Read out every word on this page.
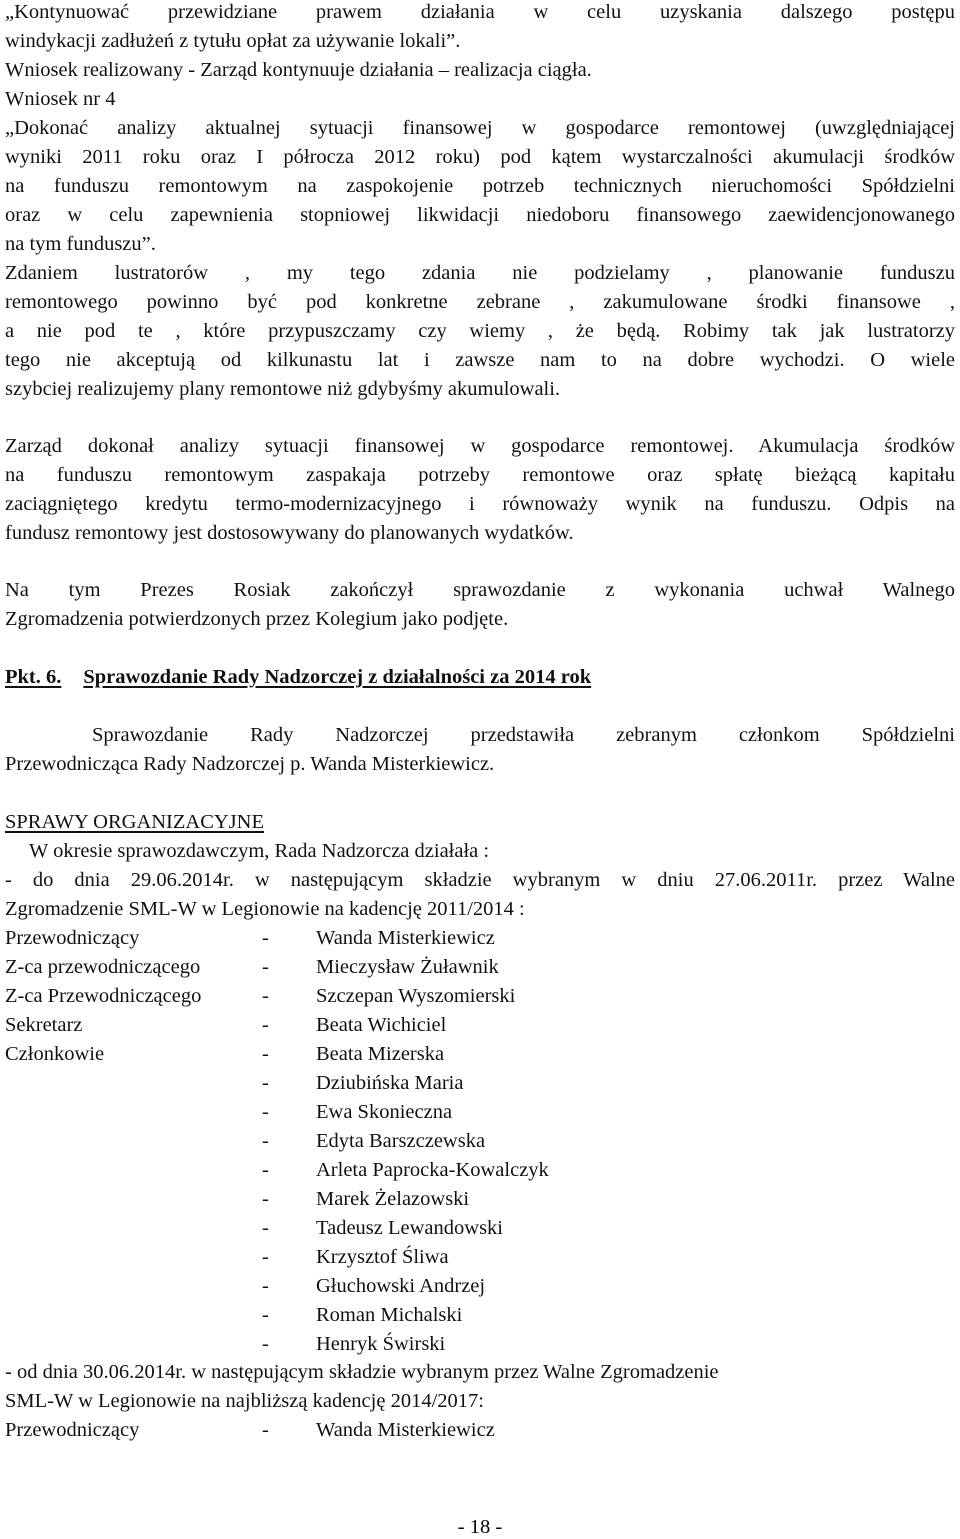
„Kontynuować przewidziane prawem działania w celu uzyskania dalszego postępu
windykacji zadłużeń z tytułu opłat za używanie lokali”.
Wniosek realizowany - Zarząd kontynuuje działania – realizacja ciągła.
Wniosek nr 4
„Dokonać analizy aktualnej sytuacji finansowej w gospodarce remontowej (uwzględniającej
wyniki 2011 roku oraz I półrocza 2012 roku) pod kątem wystarczalności akumulacji środków
na funduszu remontowym na zaspokojenie potrzeb technicznych nieruchomości Spółdzielni
oraz w celu zapewnienia stopniowej likwidacji niedoboru finansowego zaewidencjonowanego
na tym funduszu”.
Zdaniem lustratorów , my tego zdania nie podzielamy , planowanie funduszu
remontowego powinno być pod konkretne zebrane , zakumulowane środki finansowe ,
a nie pod te , które przypuszczamy czy wiemy , że będą. Robimy tak jak lustratorzy
tego nie akceptują od kilkunastu lat i zawsze nam to na dobre wychodzi. O wiele
szybciej realizujemy plany remontowe niż gdybyśmy akumulowali.
Zarząd dokonał analizy sytuacji finansowej w gospodarce remontowej. Akumulacja środków
na funduszu remontowym zaspakaja potrzeby remontowe oraz spłatę bieżącą kapitału
zaciągniętego kredytu termo-modernizacyjnego i równoważy wynik na funduszu. Odpis na
fundusz remontowy jest dostosowywany do planowanych wydatków.
Na tym Prezes Rosiak zakończył sprawozdanie z wykonania uchwał Walnego
Zgromadzenia potwierdzonych przez Kolegium jako podjęte.
Pkt. 6. Sprawozdanie Rady Nadzorczej z działalności za 2014 rok
Sprawozdanie Rady Nadzorczej przedstawiła zebranym członkom Spółdzielni
Przewodnicząca Rady Nadzorczej p. Wanda Misterkiewicz.
SPRAWY ORGANIZACYJNE
W okresie sprawozdawczym, Rada Nadzorcza działała :
- do dnia 29.06.2014r. w następującym składzie wybranym w dniu 27.06.2011r. przez Walne
Zgromadzenie SML-W w Legionowie na kadencję 2011/2014 :
Przewodniczący	- Wanda Misterkiewicz
Z-ca przewodniczącego	- Mieczysław Żuławnik
Z-ca Przewodniczącego	- Szczepan Wyszomierski
Sekretarz	- Beata Wichiciel
Członkowie	- Beata Mizerska
- Dziubińska Maria
- Ewa Skonieczna
- Edyta Barszczewska
- Arleta Paprocka-Kowalczyk
- Marek Żelazowski
- Tadeusz Lewandowski
- Krzysztof Śliwa
- Głuchowski Andrzej
- Roman Michalski
- Henryk Świrski
- od dnia 30.06.2014r. w następującym składzie wybranym przez Walne Zgromadzenie
SML-W w Legionowie na najbliższą kadencję 2014/2017:
Przewodniczący	- Wanda Misterkiewicz
- 18 -
